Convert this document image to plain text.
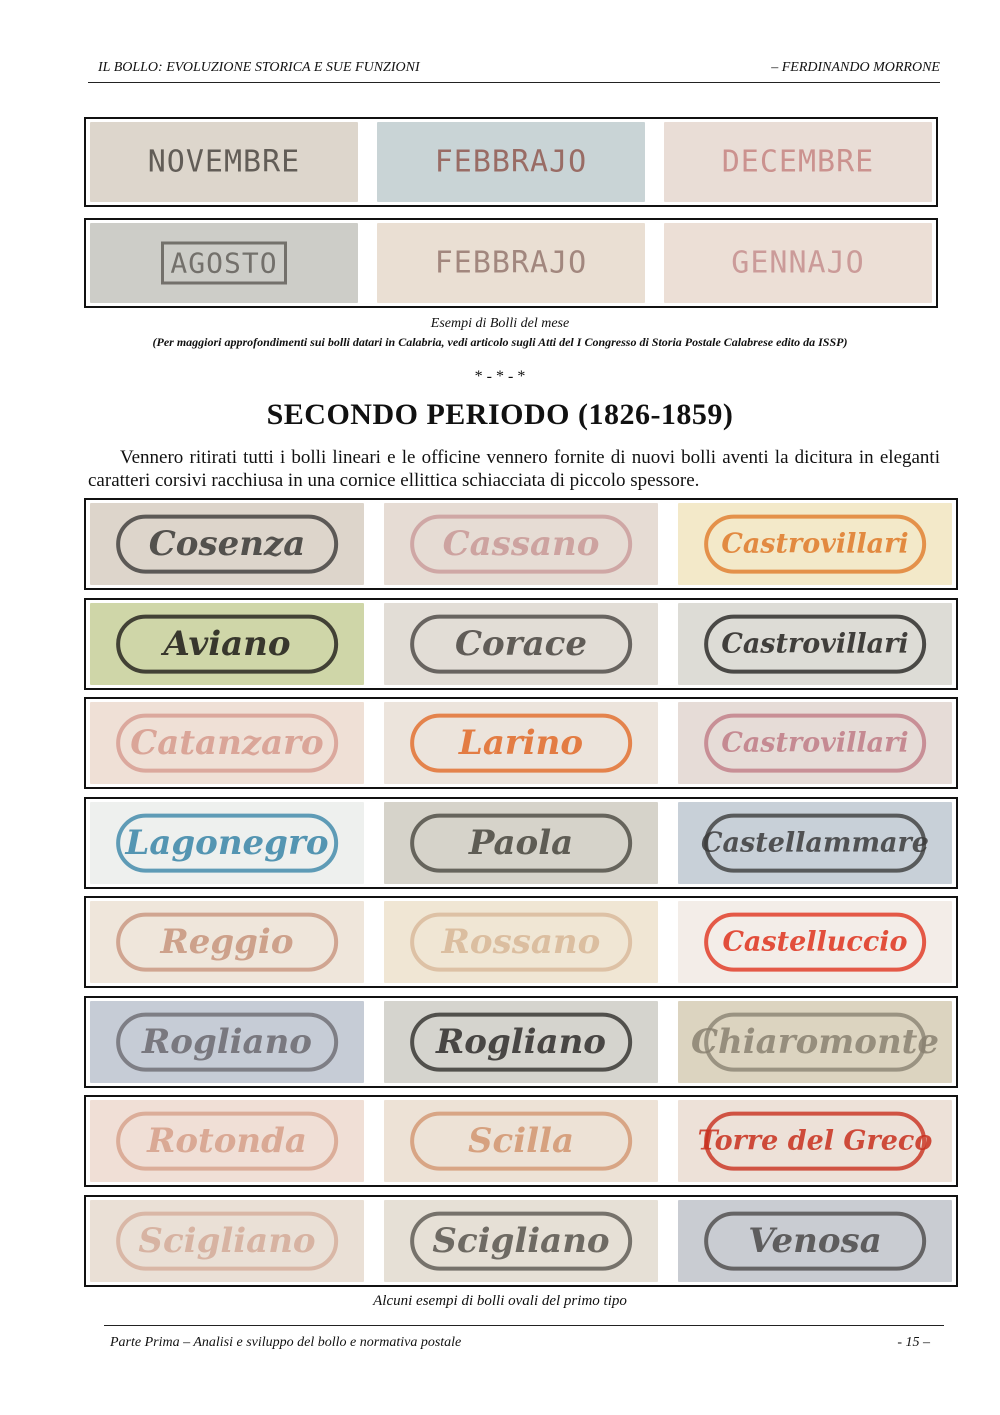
IL BOLLO: EVOLUZIONE STORICA E SUE FUNZIONI	– FERDINANDO MORRONE
NOVEMBRE	FEBBRAJO	DECEMBRE
AGOSTO	FEBBRAJO	GENNAJO
Esempi di Bolli del mese
(Per maggiori approfondimenti sui bolli datari in Calabria, vedi articolo sugli Atti del I Congresso di Storia Postale Calabrese edito da ISSP)
* - * - *
SECONDO PERIODO (1826-1859)
Vennero ritirati tutti i bolli lineari e le officine vennero fornite di nuovi bolli aventi la dicitura in eleganti caratteri corsivi racchiusa in una cornice ellittica schiacciata di piccolo spessore.
Cosenza	Cassano	Castrovillari
Aviano	Corace	Castrovillari
Catanzaro	Larino	Castrovillari
Lagonegro	Paola	Castellammare
Reggio	Rossano	Castelluccio
Rogliano	Rogliano	Chiaromonte
Rotonda	Scilla	Torre del Greco
Scigliano	Scigliano	Venosa
Alcuni esempi di bolli ovali del primo tipo
Parte Prima – Analisi e sviluppo del bollo e normativa postale	- 15 –
